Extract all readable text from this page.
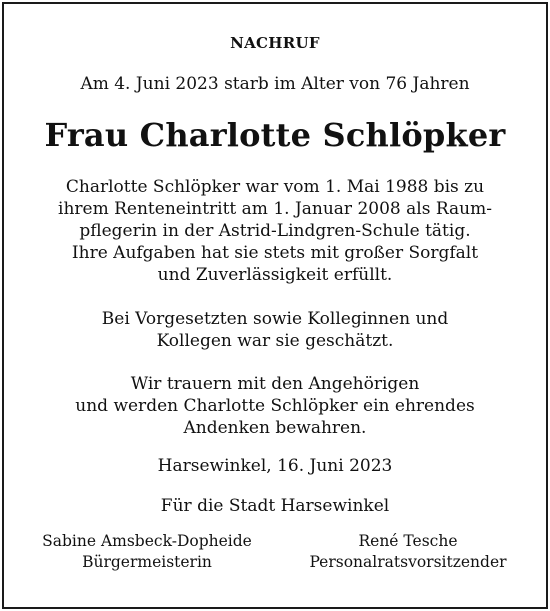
NACHRUF
Am 4. Juni 2023 starb im Alter von 76 Jahren
Frau Charlotte Schlöpker
Charlotte Schlöpker war vom 1. Mai 1988 bis zu
ihrem Renteneintritt am 1. Januar 2008 als Raum-
pflegerin in der Astrid-Lindgren-Schule tätig.
Ihre Aufgaben hat sie stets mit großer Sorgfalt
und Zuverlässigkeit erfüllt.
Bei Vorgesetzten sowie Kolleginnen und
Kollegen war sie geschätzt.
Wir trauern mit den Angehörigen
und werden Charlotte Schlöpker ein ehrendes
Andenken bewahren.
Harsewinkel, 16. Juni 2023
Für die Stadt Harsewinkel
Sabine Amsbeck-Dopheide
Bürgermeisterin
René Tesche
Personalratsvorsitzender
